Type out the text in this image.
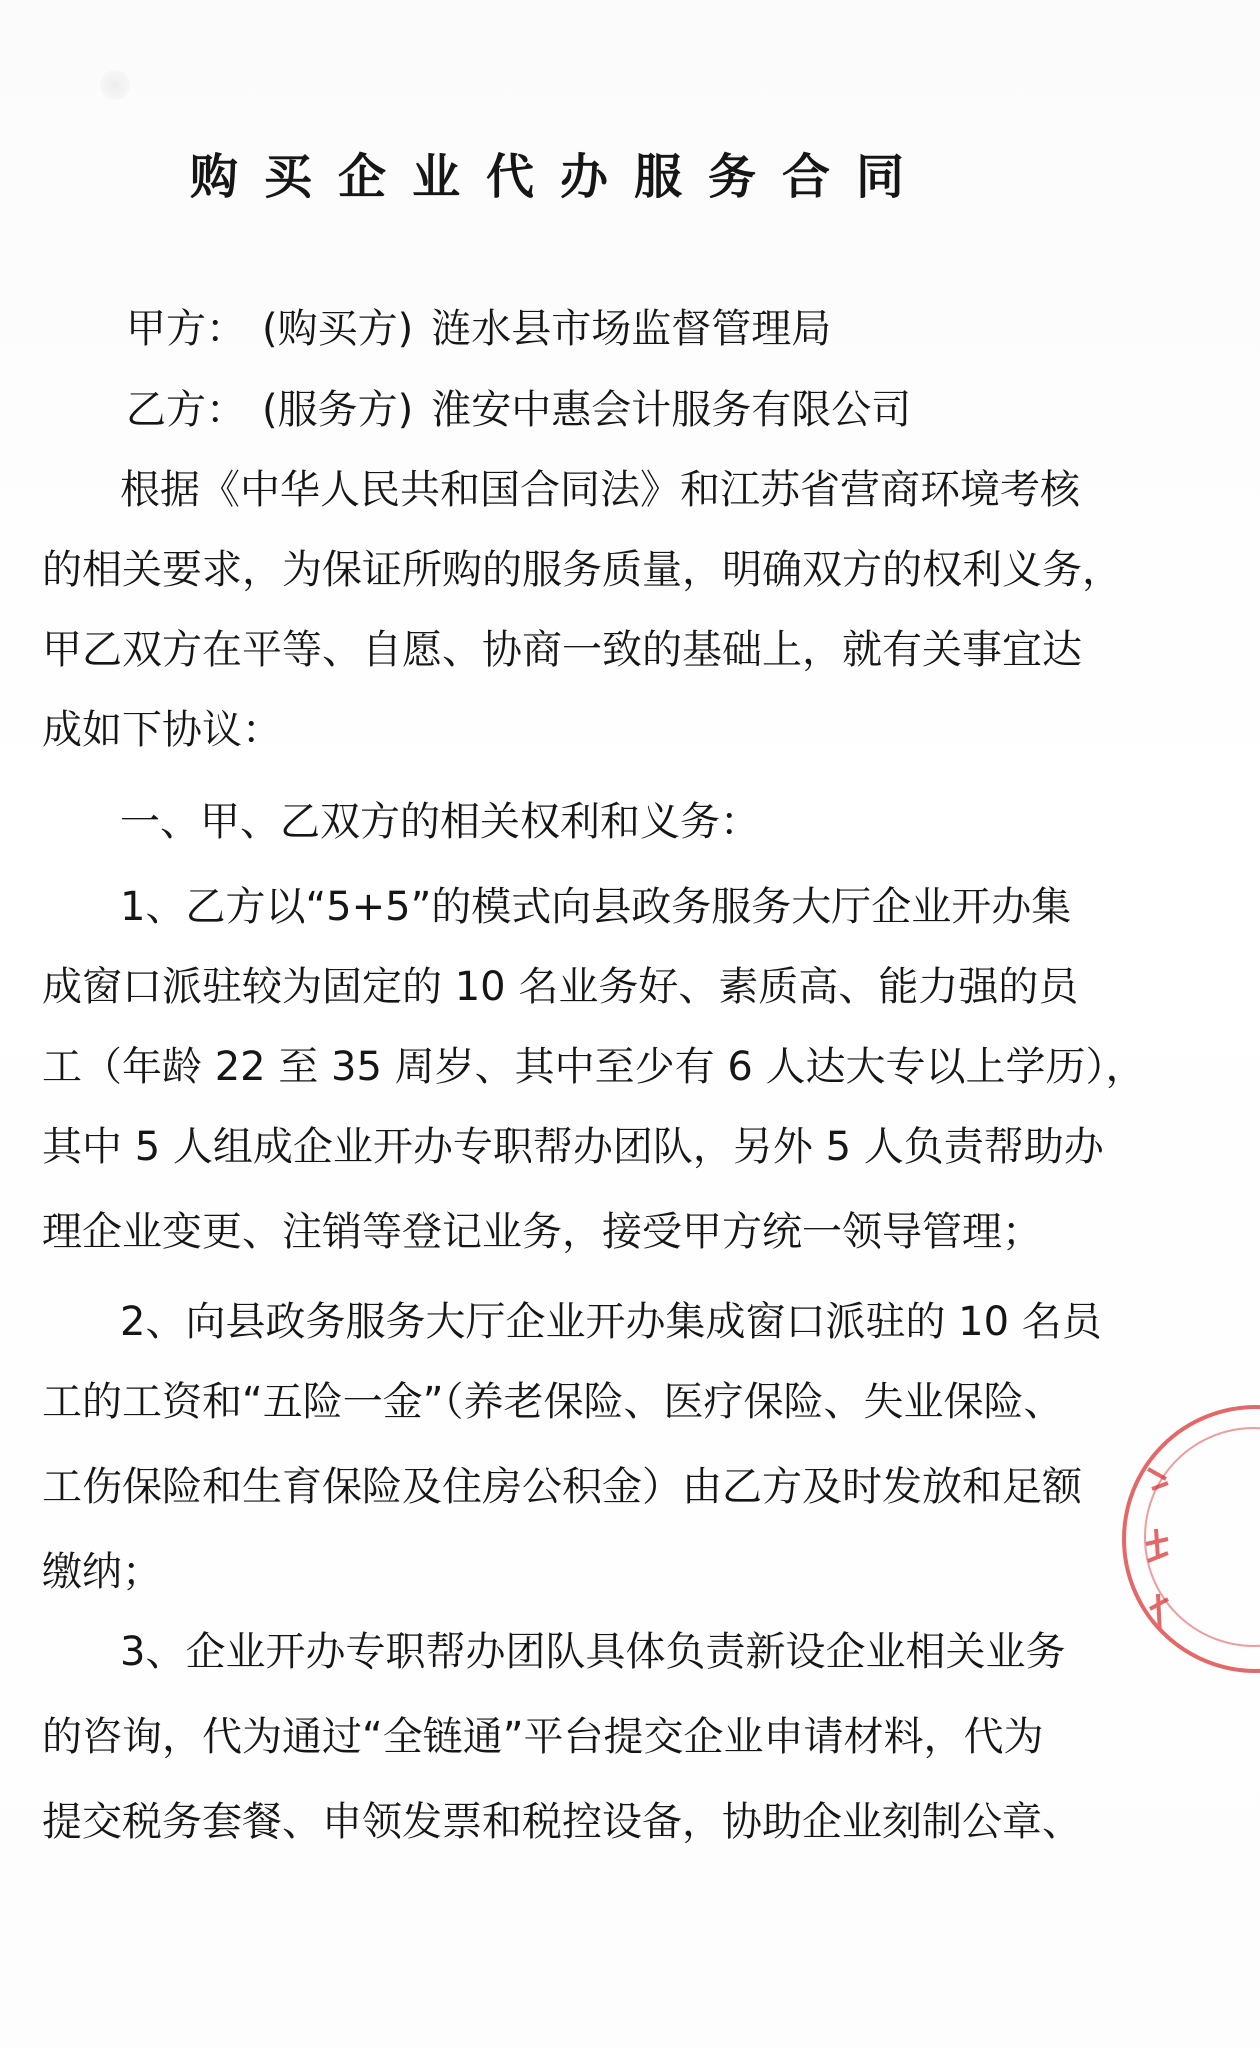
购买企业代办服务合同
甲方： (购买方) 涟水县市场监督管理局
乙方： (服务方) 淮安中惠会计服务有限公司
根据《中华人民共和国合同法》和江苏省营商环境考核
的相关要求，为保证所购的服务质量，明确双方的权利义务，
甲乙双方在平等、自愿、协商一致的基础上，就有关事宜达
成如下协议：
一、甲、乙双方的相关权利和义务：
1、乙方以“5+5”的模式向县政务服务大厅企业开办集
成窗口派驻较为固定的 10 名业务好、素质高、能力强的员
工（年龄 22 至 35 周岁、其中至少有 6 人达大专以上学历），
其中 5 人组成企业开办专职帮办团队，另外 5 人负责帮助办
理企业变更、注销等登记业务，接受甲方统一领导管理；
2、向县政务服务大厅企业开办集成窗口派驻的 10 名员
工的工资和“五险一金”（养老保险、医疗保险、失业保险、
工伤保险和生育保险及住房公积金）由乙方及时发放和足额
缴纳；
3、企业开办专职帮办团队具体负责新设企业相关业务
的咨询，代为通过“全链通”平台提交企业申请材料，代为
提交税务套餐、申领发票和税控设备，协助企业刻制公章、
